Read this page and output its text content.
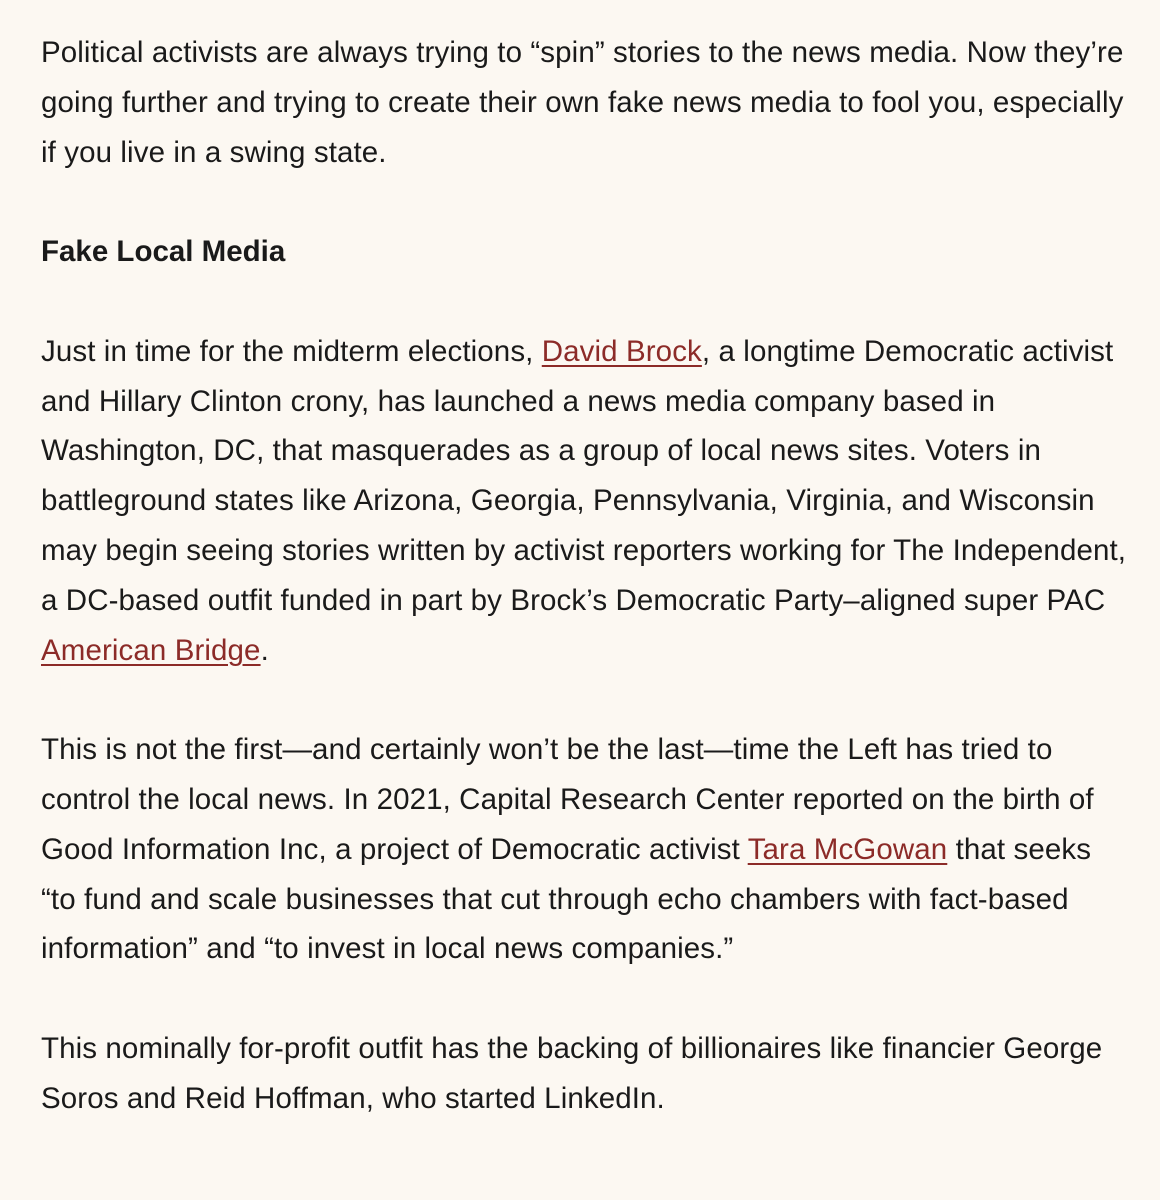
Political activists are always trying to “spin” stories to the news media. Now they’re going further and trying to create their own fake news media to fool you, especially if you live in a swing state.

Fake Local Media

Just in time for the midterm elections, David Brock, a longtime Democratic activist and Hillary Clinton crony, has launched a news media company based in Washington, DC, that masquerades as a group of local news sites. Voters in battleground states like Arizona, Georgia, Pennsylvania, Virginia, and Wisconsin may begin seeing stories written by activist reporters working for The Independent, a DC-based outfit funded in part by Brock’s Democratic Party–aligned super PAC American Bridge.

This is not the first—and certainly won’t be the last—time the Left has tried to control the local news. In 2021, Capital Research Center reported on the birth of Good Information Inc, a project of Democratic activist Tara McGowan that seeks “to fund and scale businesses that cut through echo chambers with fact-based information” and “to invest in local news companies.”

This nominally for-profit outfit has the backing of billionaires like financier George Soros and Reid Hoffman, who started LinkedIn.
